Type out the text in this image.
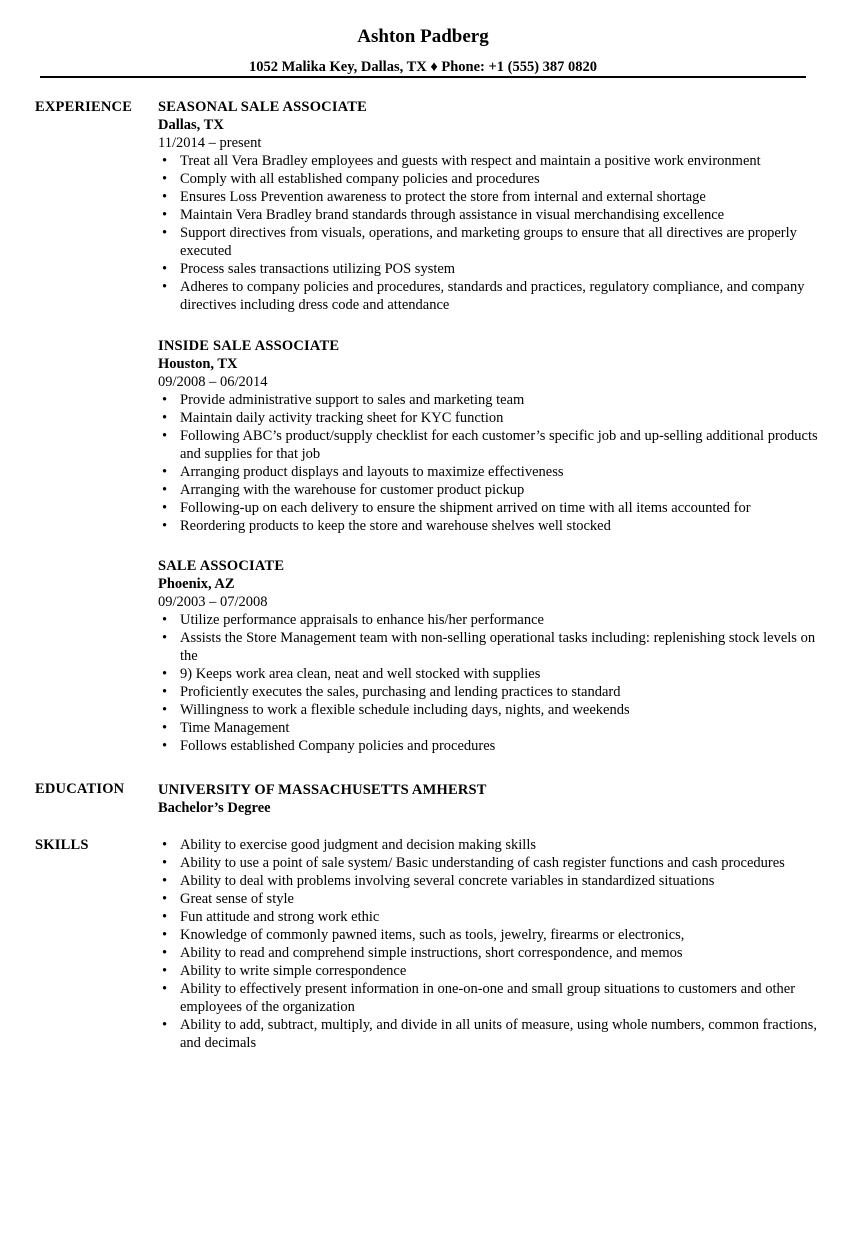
Ashton Padberg
1052 Malika Key, Dallas, TX ♦ Phone: +1 (555) 387 0820
EXPERIENCE SEASONAL SALE ASSOCIATE
Dallas, TX
11/2014 – present
• Treat all Vera Bradley employees and guests with respect and maintain a positive work environment
• Comply with all established company policies and procedures
• Ensures Loss Prevention awareness to protect the store from internal and external shortage
• Maintain Vera Bradley brand standards through assistance in visual merchandising excellence
• Support directives from visuals, operations, and marketing groups to ensure that all directives are properly executed
• Process sales transactions utilizing POS system
• Adheres to company policies and procedures, standards and practices, regulatory compliance, and company directives including dress code and attendance
INSIDE SALE ASSOCIATE
Houston, TX
09/2008 – 06/2014
• Provide administrative support to sales and marketing team
• Maintain daily activity tracking sheet for KYC function
• Following ABC’s product/supply checklist for each customer’s specific job and up-selling additional products and supplies for that job
• Arranging product displays and layouts to maximize effectiveness
• Arranging with the warehouse for customer product pickup
• Following-up on each delivery to ensure the shipment arrived on time with all items accounted for
• Reordering products to keep the store and warehouse shelves well stocked
SALE ASSOCIATE
Phoenix, AZ
09/2003 – 07/2008
• Utilize performance appraisals to enhance his/her performance
• Assists the Store Management team with non-selling operational tasks including: replenishing stock levels on the
• 9) Keeps work area clean, neat and well stocked with supplies
• Proficiently executes the sales, purchasing and lending practices to standard
• Willingness to work a flexible schedule including days, nights, and weekends
• Time Management
• Follows established Company policies and procedures
EDUCATION UNIVERSITY OF MASSACHUSETTS AMHERST
Bachelor’s Degree
SKILLS
•	Ability to exercise good judgment and decision making skills
• Ability to use a point of sale system/ Basic understanding of cash register functions and cash procedures
• Ability to deal with problems involving several concrete variables in standardized situations
• Great sense of style
• Fun attitude and strong work ethic
• Knowledge of commonly pawned items, such as tools, jewelry, firearms or electronics,
• Ability to read and comprehend simple instructions, short correspondence, and memos
• Ability to write simple correspondence
• Ability to effectively present information in one-on-one and small group situations to customers and other employees of the organization
• Ability to add, subtract, multiply, and divide in all units of measure, using whole numbers, common fractions, and decimals
